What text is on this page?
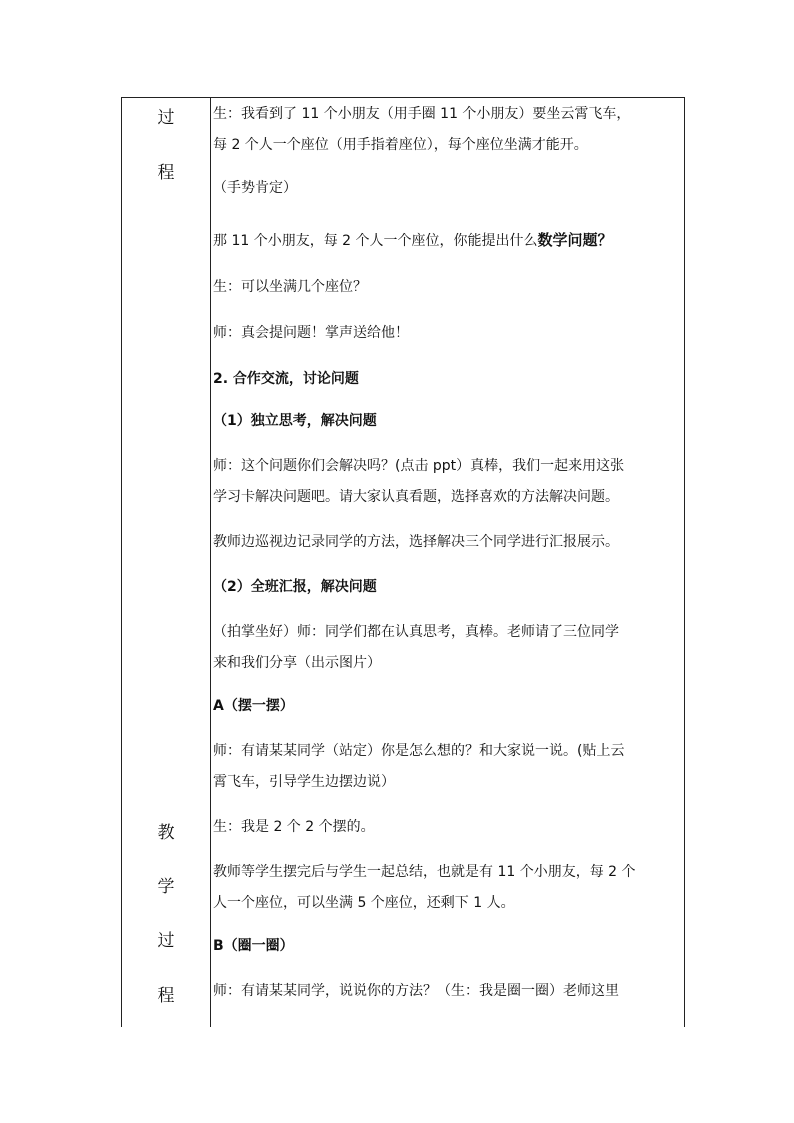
过
程
教
学
过
程
生：我看到了 11 个小朋友（用手圈 11 个小朋友）要坐云霄飞车，
每 2 个人一个座位（用手指着座位），每个座位坐满才能开。
（手势肯定）
那 11 个小朋友，每 2 个人一个座位，你能提出什么数学问题？
生：可以坐满几个座位？
师：真会提问题！掌声送给他！
2. 合作交流，讨论问题
（1）独立思考，解决问题
师：这个问题你们会解决吗？(点击 ppt）真棒，我们一起来用这张
学习卡解决问题吧。请大家认真看题，选择喜欢的方法解决问题。
教师边巡视边记录同学的方法，选择解决三个同学进行汇报展示。
（2）全班汇报，解决问题
（拍掌坐好）师：同学们都在认真思考，真棒。老师请了三位同学
来和我们分享（出示图片）
A（摆一摆）
师：有请某某同学（站定）你是怎么想的？和大家说一说。(贴上云
霄飞车，引导学生边摆边说）
生：我是 2 个 2 个摆的。
教师等学生摆完后与学生一起总结，也就是有 11 个小朋友，每 2 个
人一个座位，可以坐满 5 个座位，还剩下 1 人。
B（圈一圈）
师：有请某某同学，说说你的方法？（生：我是圈一圈）老师这里
